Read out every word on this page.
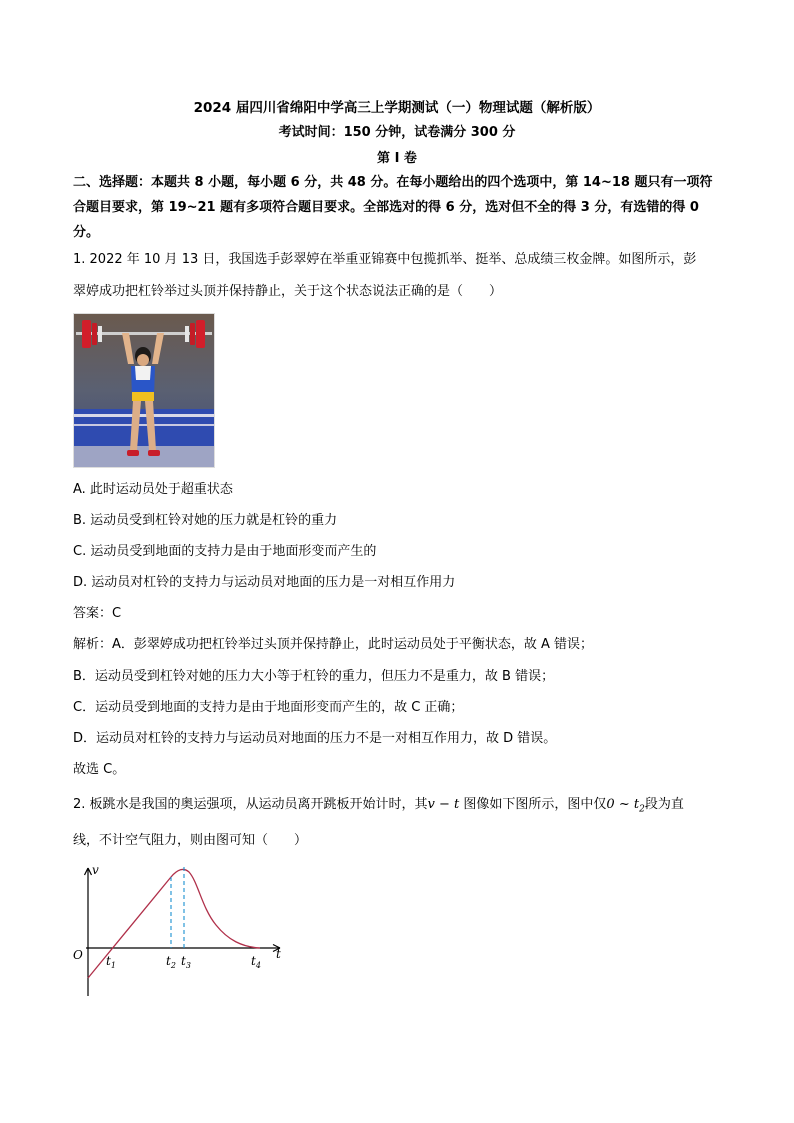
2024 届四川省绵阳中学高三上学期测试（一）物理试题（解析版）
考试时间：150 分钟，试卷满分 300 分
第 I 卷
二、选择题：本题共 8 小题，每小题 6 分，共 48 分。在每小题给出的四个选项中，第 14~18 题只有一项符
合题目要求，第 19~21 题有多项符合题目要求。全部选对的得 6 分，选对但不全的得 3 分，有选错的得 0
分。
1. 2022 年 10 月 13 日，我国选手彭翠婷在举重亚锦赛中包揽抓举、挺举、总成绩三枚金牌。如图所示，彭
翠婷成功把杠铃举过头顶并保持静止，关于这个状态说法正确的是（　　）
A. 此时运动员处于超重状态
B. 运动员受到杠铃对她的压力就是杠铃的重力
C. 运动员受到地面的支持力是由于地面形变而产生的
D. 运动员对杠铃的支持力与运动员对地面的压力是一对相互作用力
答案：C
解析：A．彭翠婷成功把杠铃举过头顶并保持静止，此时运动员处于平衡状态，故 A 错误；
B．运动员受到杠铃对她的压力大小等于杠铃的重力，但压力不是重力，故 B 错误；
C．运动员受到地面的支持力是由于地面形变而产生的，故 C 正确；
D．运动员对杠铃的支持力与运动员对地面的压力不是一对相互作用力，故 D 错误。
故选 C。
2. 板跳水是我国的奥运强项，从运动员离开跳板开始计时，其v − t 图像如下图所示，图中仅0 ~ $t_2$段为直
线，不计空气阻力，则由图可知（　　）
v
t
O $t_1$	$t_2$ $t_3$	$t_4$
